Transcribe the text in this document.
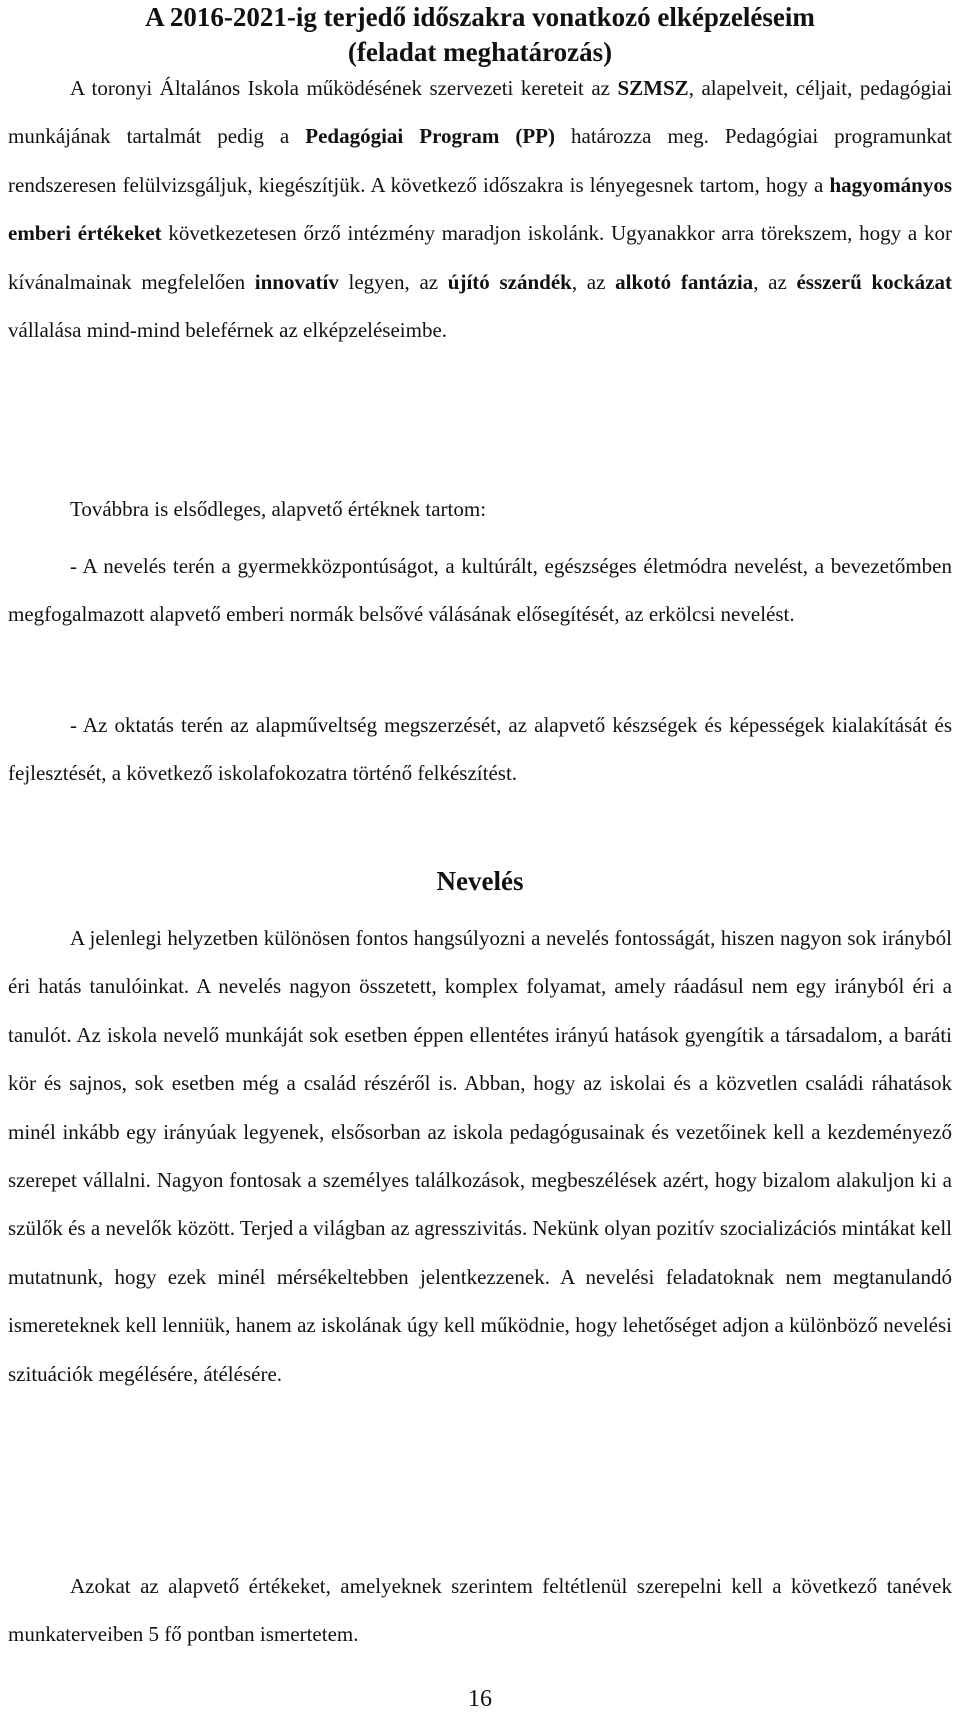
A 2016-2021-ig terjedő időszakra vonatkozó elképzeléseim
(feladat meghatározás)

A toronyi Általános Iskola működésének szervezeti kereteit az SZMSZ, alapelveit, céljait, pedagógiai munkájának tartalmát pedig a Pedagógiai Program (PP) határozza meg. Pedagógiai programunkat rendszeresen felülvizsgáljuk, kiegészítjük. A következő időszakra is lényegesnek tartom, hogy a hagyományos emberi értékeket következetesen őrző intézmény maradjon iskolánk. Ugyanakkor arra törekszem, hogy a kor kívánalmainak megfelelően innovatív legyen, az újító szándék, az alkotó fantázia, az ésszerű kockázat vállalása mind-mind beleférnek az elképzeléseimbe.

Továbbra is elsődleges, alapvető értéknek tartom:

- A nevelés terén a gyermekközpontúságot, a kultúrált, egészséges életmódra nevelést, a bevezetőmben megfogalmazott alapvető emberi normák belsővé válásának elősegítését, az erkölcsi nevelést.

- Az oktatás terén az alapműveltség megszerzését, az alapvető készségek és képességek kialakítását és fejlesztését, a következő iskolafokozatra történő felkészítést.

Nevelés

A jelenlegi helyzetben különösen fontos hangsúlyozni a nevelés fontosságát, hiszen nagyon sok irányból éri hatás tanulóinkat. A nevelés nagyon összetett, komplex folyamat, amely ráadásul nem egy irányból éri a tanulót. Az iskola nevelő munkáját sok esetben éppen ellentétes irányú hatások gyengítik a társadalom, a baráti kör és sajnos, sok esetben még a család részéről is. Abban, hogy az iskolai és a közvetlen családi ráhatások minél inkább egy irányúak legyenek, elsősorban az iskola pedagógusainak és vezetőinek kell a kezdeményező szerepet vállalni. Nagyon fontosak a személyes találkozások, megbeszélések azért, hogy bizalom alakuljon ki a szülők és a nevelők között. Terjed a világban az agresszivitás. Nekünk olyan pozitív szocializációs mintákat kell mutatnunk, hogy ezek minél mérsékeltebben jelentkezzenek. A nevelési feladatoknak nem megtanulandó ismereteknek kell lenniük, hanem az iskolának úgy kell működnie, hogy lehetőséget adjon a különböző nevelési szituációk megélésére, átélésére.

Azokat az alapvető értékeket, amelyeknek szerintem feltétlenül szerepelni kell a következő tanévek munkaterveiben 5 fő pontban ismertetem.

16
